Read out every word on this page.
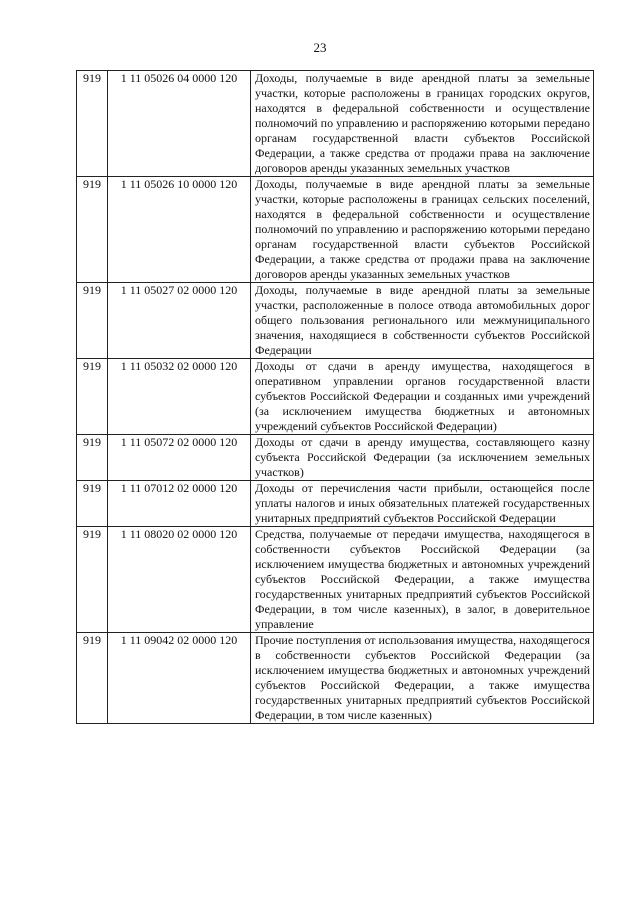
23
919	1 11 05026 04 0000 120	Доходы, получаемые в виде арендной платы за земельные участки, которые расположены в границах городских округов, находятся в федеральной собственности и осуществление полномочий по управлению и распоряжению которыми передано органам государственной власти субъектов Российской Федерации, а также средства от продажи права на заключение договоров аренды указанных земельных участков
919	1 11 05026 10 0000 120	Доходы, получаемые в виде арендной платы за земельные участки, которые расположены в границах сельских поселений, находятся в федеральной собственности и осуществление полномочий по управлению и распоряжению которыми передано органам государственной власти субъектов Российской Федерации, а также средства от продажи права на заключение договоров аренды указанных земельных участков
919	1 11 05027 02 0000 120	Доходы, получаемые в виде арендной платы за земельные участки, расположенные в полосе отвода автомобильных дорог общего пользования регионального или межмуниципального значения, находящиеся в собственности субъектов Российской Федерации
919	1 11 05032 02 0000 120	Доходы от сдачи в аренду имущества, находящегося в оперативном управлении органов государственной власти субъектов Российской Федерации и созданных ими учреждений (за исключением имущества бюджетных и автономных учреждений субъектов Российской Федерации)
919	1 11 05072 02 0000 120	Доходы от сдачи в аренду имущества, составляющего казну субъекта Российской Федерации (за исключением земельных участков)
919	1 11 07012 02 0000 120	Доходы от перечисления части прибыли, остающейся после уплаты налогов и иных обязательных платежей государственных унитарных предприятий субъектов Российской Федерации
919	1 11 08020 02 0000 120	Средства, получаемые от передачи имущества, находящегося в собственности субъектов Российской Федерации (за исключением имущества бюджетных и автономных учреждений субъектов Российской Федерации, а также имущества государственных унитарных предприятий субъектов Российской Федерации, в том числе казенных), в залог, в доверительное управление
919	1 11 09042 02 0000 120	Прочие поступления от использования имущества, находящегося в собственности субъектов Российской Федерации (за исключением имущества бюджетных и автономных учреждений субъектов Российской Федерации, а также имущества государственных унитарных предприятий субъектов Российской Федерации, в том числе казенных)
